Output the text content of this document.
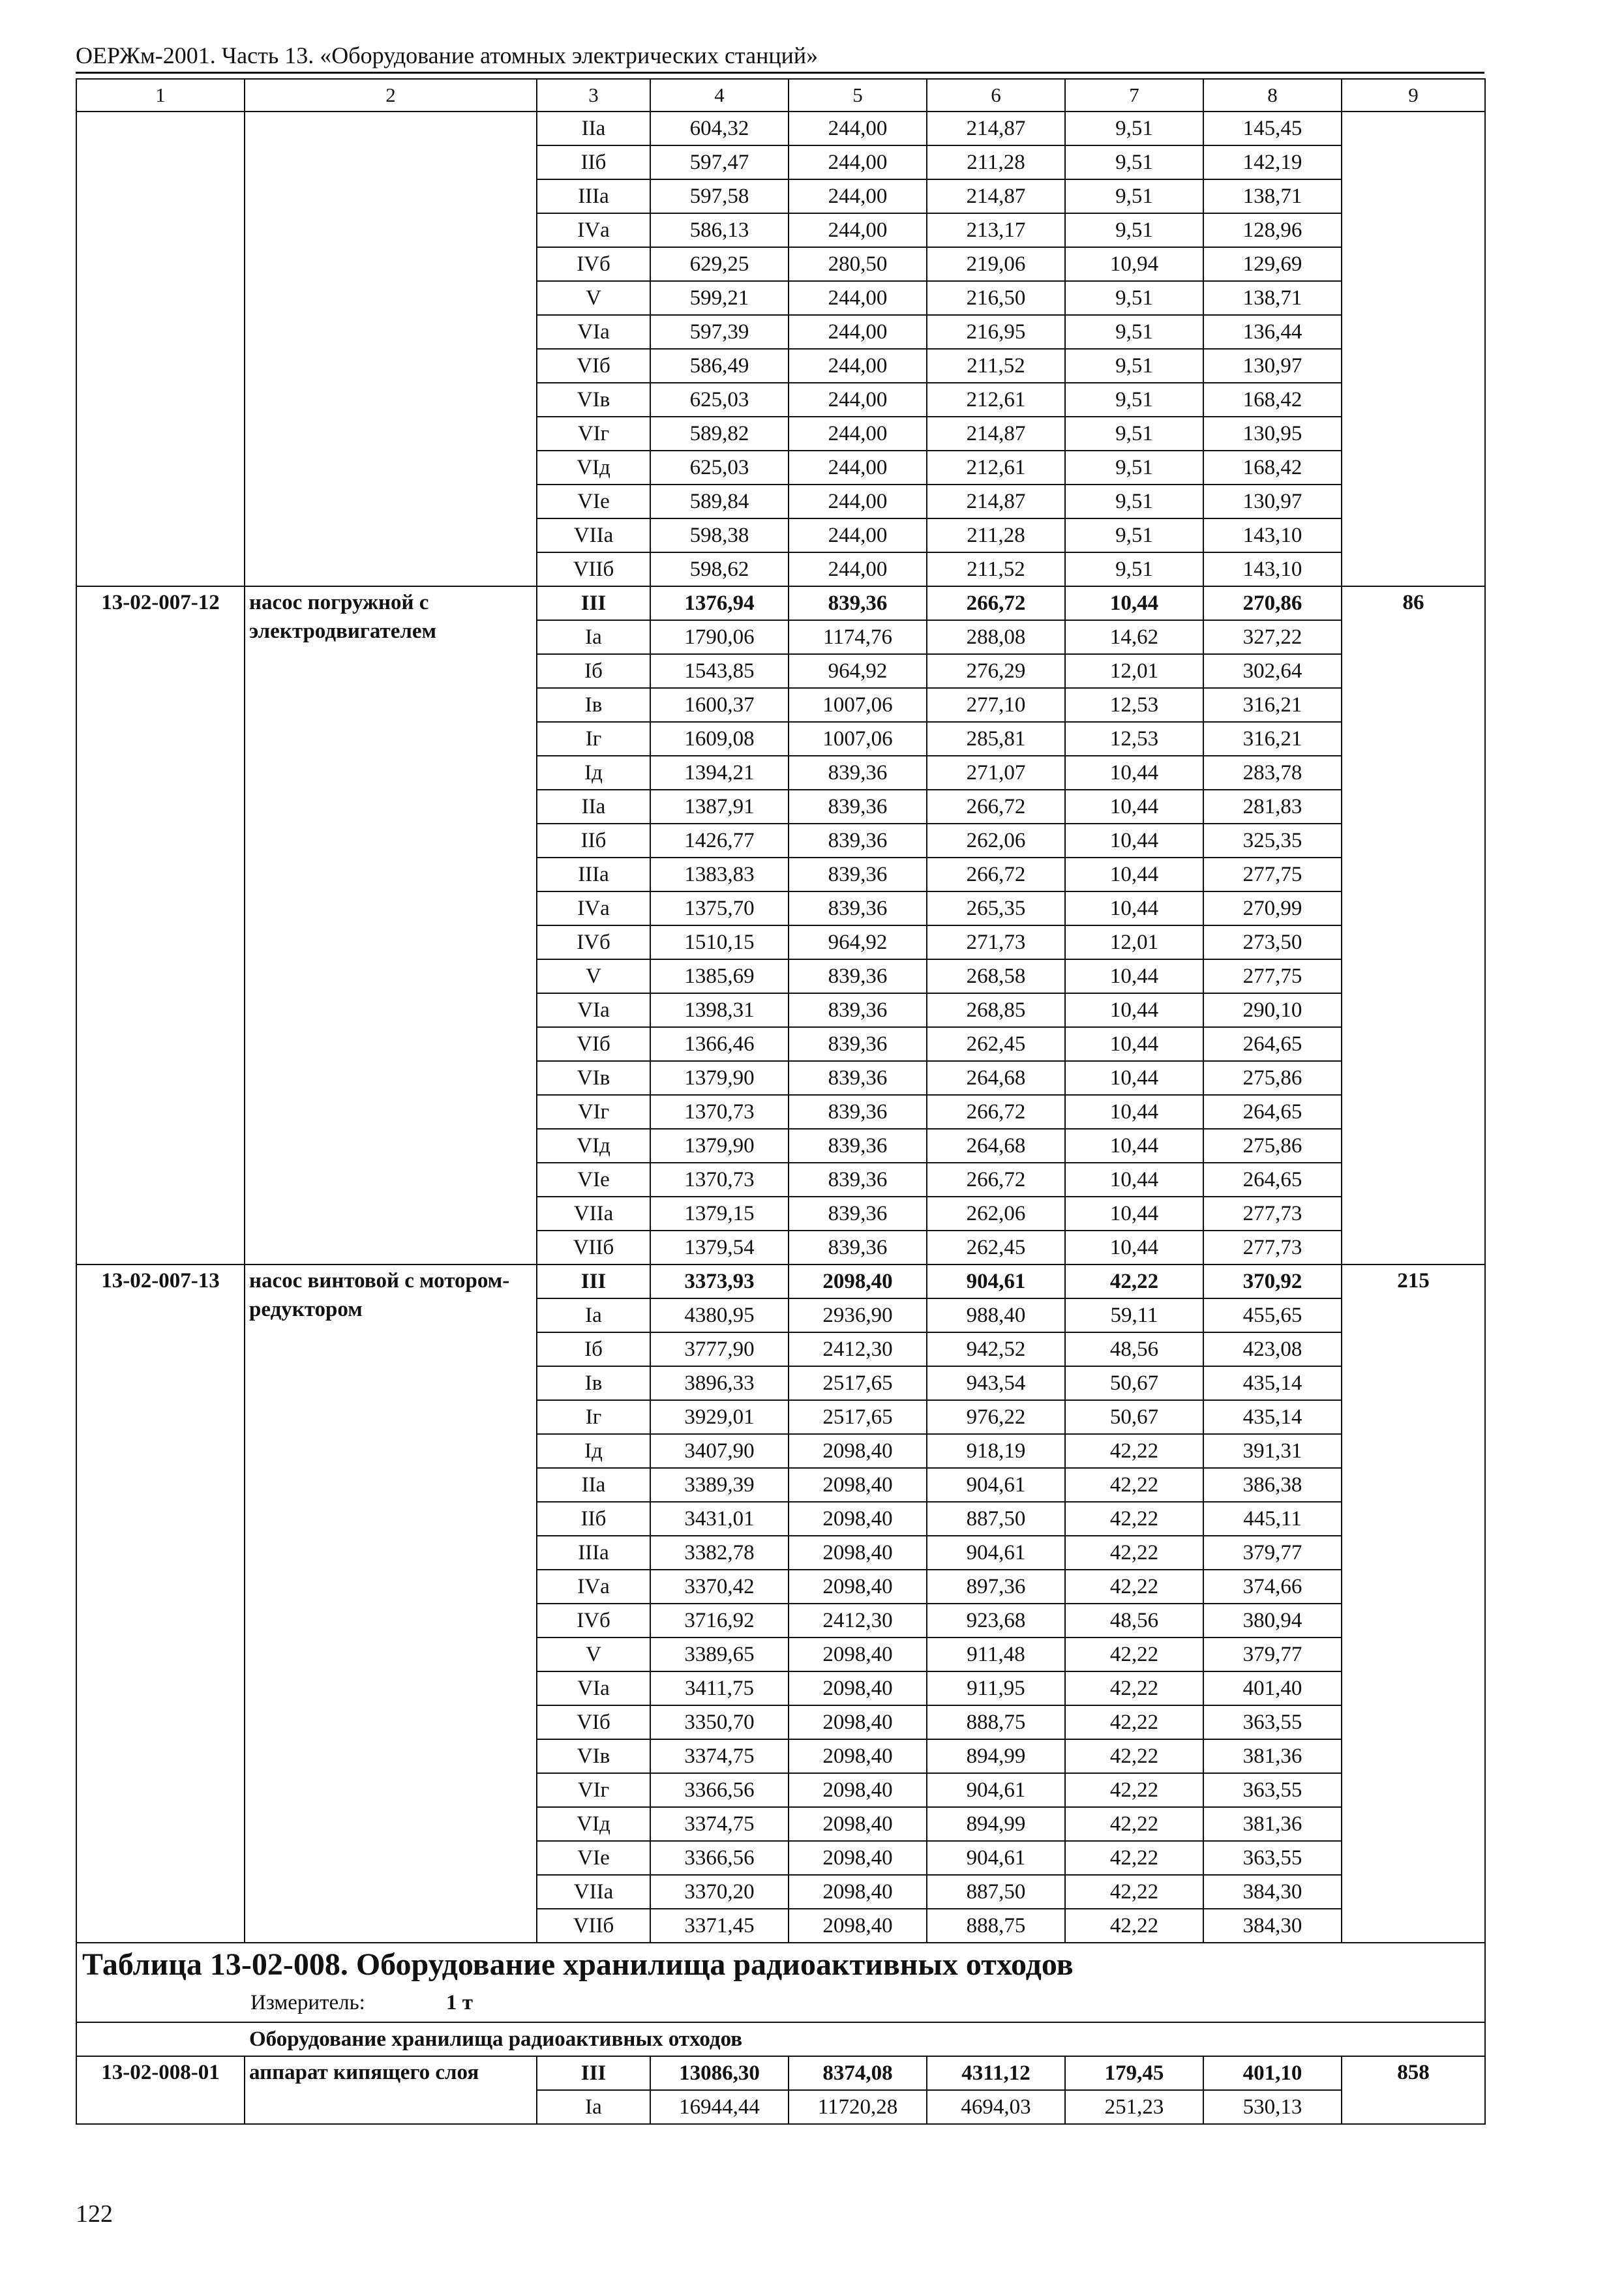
ОЕРЖм-2001. Часть 13. «Оборудование атомных электрических станций»
1	2	3	4	5	6	7	8	9
		IIа	604,32	244,00	214,87	9,51	145,45	
		IIб	597,47	244,00	211,28	9,51	142,19	
		IIIа	597,58	244,00	214,87	9,51	138,71	
		IVа	586,13	244,00	213,17	9,51	128,96	
		IVб	629,25	280,50	219,06	10,94	129,69	
		V	599,21	244,00	216,50	9,51	138,71	
		VIа	597,39	244,00	216,95	9,51	136,44	
		VIб	586,49	244,00	211,52	9,51	130,97	
		VIв	625,03	244,00	212,61	9,51	168,42	
		VIг	589,82	244,00	214,87	9,51	130,95	
		VIд	625,03	244,00	212,61	9,51	168,42	
		VIе	589,84	244,00	214,87	9,51	130,97	
		VIIа	598,38	244,00	211,28	9,51	143,10	
		VIIб	598,62	244,00	211,52	9,51	143,10	
13-02-007-12	насос погружной с электродвигателем	III	1376,94	839,36	266,72	10,44	270,86	86
		Iа	1790,06	1174,76	288,08	14,62	327,22	
		Iб	1543,85	964,92	276,29	12,01	302,64	
		Iв	1600,37	1007,06	277,10	12,53	316,21	
		Iг	1609,08	1007,06	285,81	12,53	316,21	
		Iд	1394,21	839,36	271,07	10,44	283,78	
		IIа	1387,91	839,36	266,72	10,44	281,83	
		IIб	1426,77	839,36	262,06	10,44	325,35	
		IIIа	1383,83	839,36	266,72	10,44	277,75	
		IVа	1375,70	839,36	265,35	10,44	270,99	
		IVб	1510,15	964,92	271,73	12,01	273,50	
		V	1385,69	839,36	268,58	10,44	277,75	
		VIа	1398,31	839,36	268,85	10,44	290,10	
		VIб	1366,46	839,36	262,45	10,44	264,65	
		VIв	1379,90	839,36	264,68	10,44	275,86	
		VIг	1370,73	839,36	266,72	10,44	264,65	
		VIд	1379,90	839,36	264,68	10,44	275,86	
		VIе	1370,73	839,36	266,72	10,44	264,65	
		VIIа	1379,15	839,36	262,06	10,44	277,73	
		VIIб	1379,54	839,36	262,45	10,44	277,73	
13-02-007-13	насос винтовой с мотором-редуктором	III	3373,93	2098,40	904,61	42,22	370,92	215
		Iа	4380,95	2936,90	988,40	59,11	455,65	
		Iб	3777,90	2412,30	942,52	48,56	423,08	
		Iв	3896,33	2517,65	943,54	50,67	435,14	
		Iг	3929,01	2517,65	976,22	50,67	435,14	
		Iд	3407,90	2098,40	918,19	42,22	391,31	
		IIа	3389,39	2098,40	904,61	42,22	386,38	
		IIб	3431,01	2098,40	887,50	42,22	445,11	
		IIIа	3382,78	2098,40	904,61	42,22	379,77	
		IVа	3370,42	2098,40	897,36	42,22	374,66	
		IVб	3716,92	2412,30	923,68	48,56	380,94	
		V	3389,65	2098,40	911,48	42,22	379,77	
		VIа	3411,75	2098,40	911,95	42,22	401,40	
		VIб	3350,70	2098,40	888,75	42,22	363,55	
		VIв	3374,75	2098,40	894,99	42,22	381,36	
		VIг	3366,56	2098,40	904,61	42,22	363,55	
		VIд	3374,75	2098,40	894,99	42,22	381,36	
		VIе	3366,56	2098,40	904,61	42,22	363,55	
		VIIа	3370,20	2098,40	887,50	42,22	384,30	
		VIIб	3371,45	2098,40	888,75	42,22	384,30	

Таблица 13-02-008. Оборудование хранилища радиоактивных отходов
Измеритель: 1 т								

Оборудование хранилища радиоактивных отходов								
13-02-008-01	аппарат кипящего слоя	III	13086,30	8374,08	4311,12	179,45	401,10	858
		Iа	16944,44	11720,28	4694,03	251,23	530,13	
122
